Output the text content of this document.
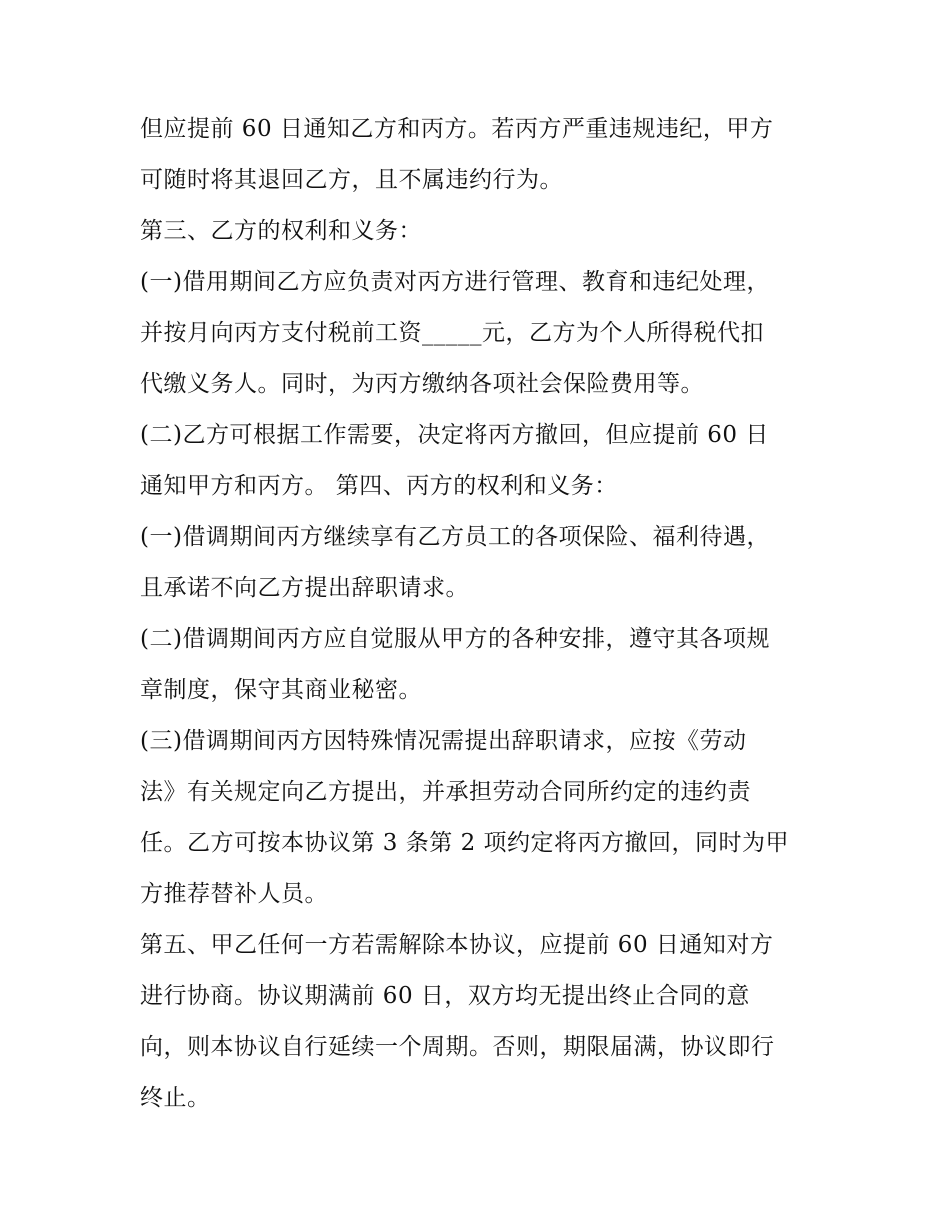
但应提前 60 日通知乙方和丙方。若丙方严重违规违纪，甲方
可随时将其退回乙方，且不属违约行为。
第三、乙方的权利和义务：
(一)借用期间乙方应负责对丙方进行管理、教育和违纪处理，
并按月向丙方支付税前工资_____元，乙方为个人所得税代扣
代缴义务人。同时，为丙方缴纳各项社会保险费用等。
(二)乙方可根据工作需要，决定将丙方撤回，但应提前 60 日
通知甲方和丙方。 第四、丙方的权利和义务：
(一)借调期间丙方继续享有乙方员工的各项保险、福利待遇，
且承诺不向乙方提出辞职请求。
(二)借调期间丙方应自觉服从甲方的各种安排，遵守其各项规
章制度，保守其商业秘密。
(三)借调期间丙方因特殊情况需提出辞职请求，应按《劳动
法》有关规定向乙方提出，并承担劳动合同所约定的违约责
任。乙方可按本协议第 3 条第 2 项约定将丙方撤回，同时为甲
方推荐替补人员。
第五、甲乙任何一方若需解除本协议，应提前 60 日通知对方
进行协商。协议期满前 60 日，双方均无提出终止合同的意
向，则本协议自行延续一个周期。否则，期限届满，协议即行
终止。
